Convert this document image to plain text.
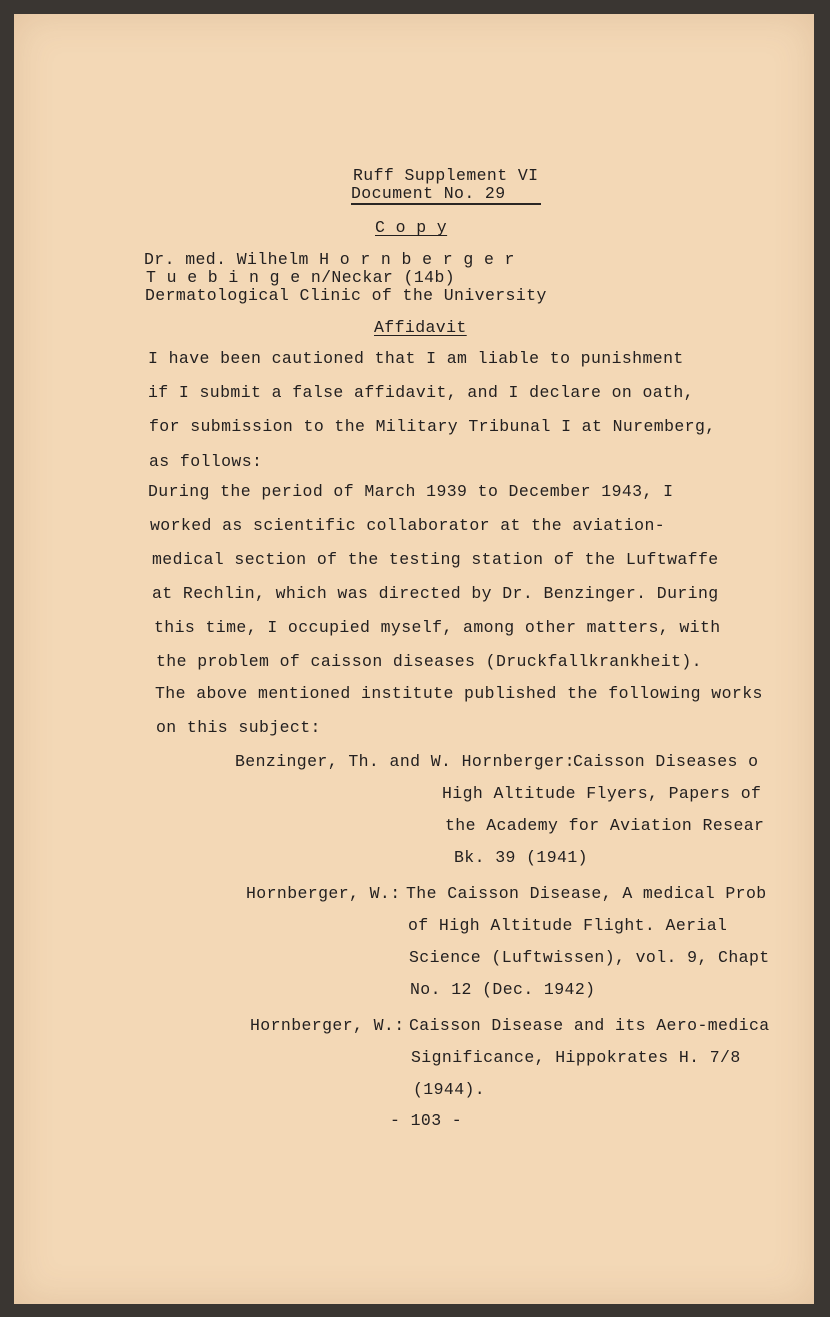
Ruff Supplement VI
Document No. 29
C o p y
Dr. med. Wilhelm H o r n b e r g e r
T u e b i n g e n/Neckar (14b)
Dermatological Clinic of the University
Affidavit
I have been cautioned that I am liable to punishment
if I submit a false affidavit, and I declare on oath,
for submission to the Military Tribunal I at Nuremberg,
as follows:
During the period of March 1939 to December 1943, I
worked as scientific collaborator at the aviation-
medical section of the testing station of the Luftwaffe
at Rechlin, which was directed by Dr. Benzinger. During
this time, I occupied myself, among other matters, with
the problem of caisson diseases (Druckfallkrankheit).
The above mentioned institute published the following works
on this subject:
Benzinger, Th. and W. Hornberger:
Caisson Diseases o
High Altitude Flyers, Papers of
the Academy for Aviation Resear
Bk. 39 (1941)
Hornberger, W.: The Caisson Disease, A medical Prob
of High Altitude Flight. Aerial
Science (Luftwissen), vol. 9, Chapt
No. 12 (Dec. 1942)
Hornberger, W.: Caisson Disease and its Aero-medica
Significance, Hippokrates H. 7/8
(1944).
- 103 -
